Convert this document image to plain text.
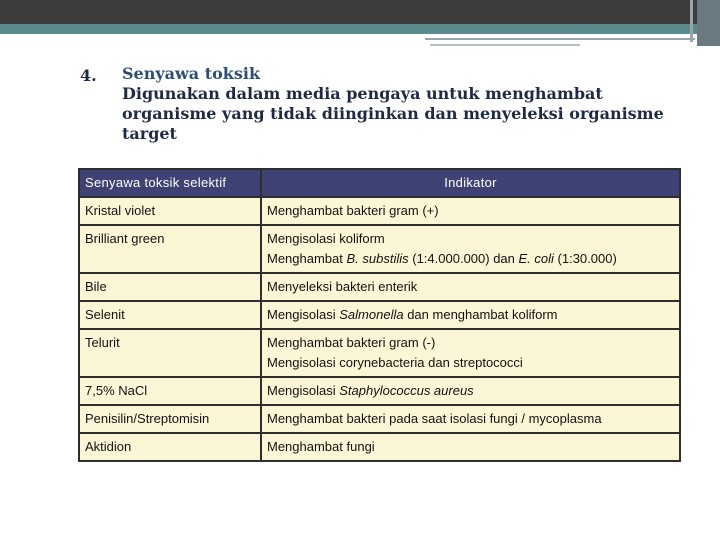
4. Senyawa toksik
Digunakan dalam media pengaya untuk menghambat organisme yang tidak diinginkan dan menyeleksi organisme target
Senyawa toksik selektif	Indikator
Kristal violet	Menghambat bakteri gram (+)

Brilliant green	Mengisolasi koliform
Menghambat B. substilis (1:4.000.000) dan E. coli (1:30.000)

Bile	Menyeleksi bakteri enterik

Selenit	Mengisolasi Salmonella dan menghambat koliform

Telurit	Menghambat bakteri gram (-)
Mengisolasi corynebacteria dan streptococci

7,5% NaCl	Mengisolasi Staphylococcus aureus

Penisilin/Streptomisin	Menghambat bakteri pada saat isolasi fungi / mycoplasma

Aktidion	Menghambat fungi
